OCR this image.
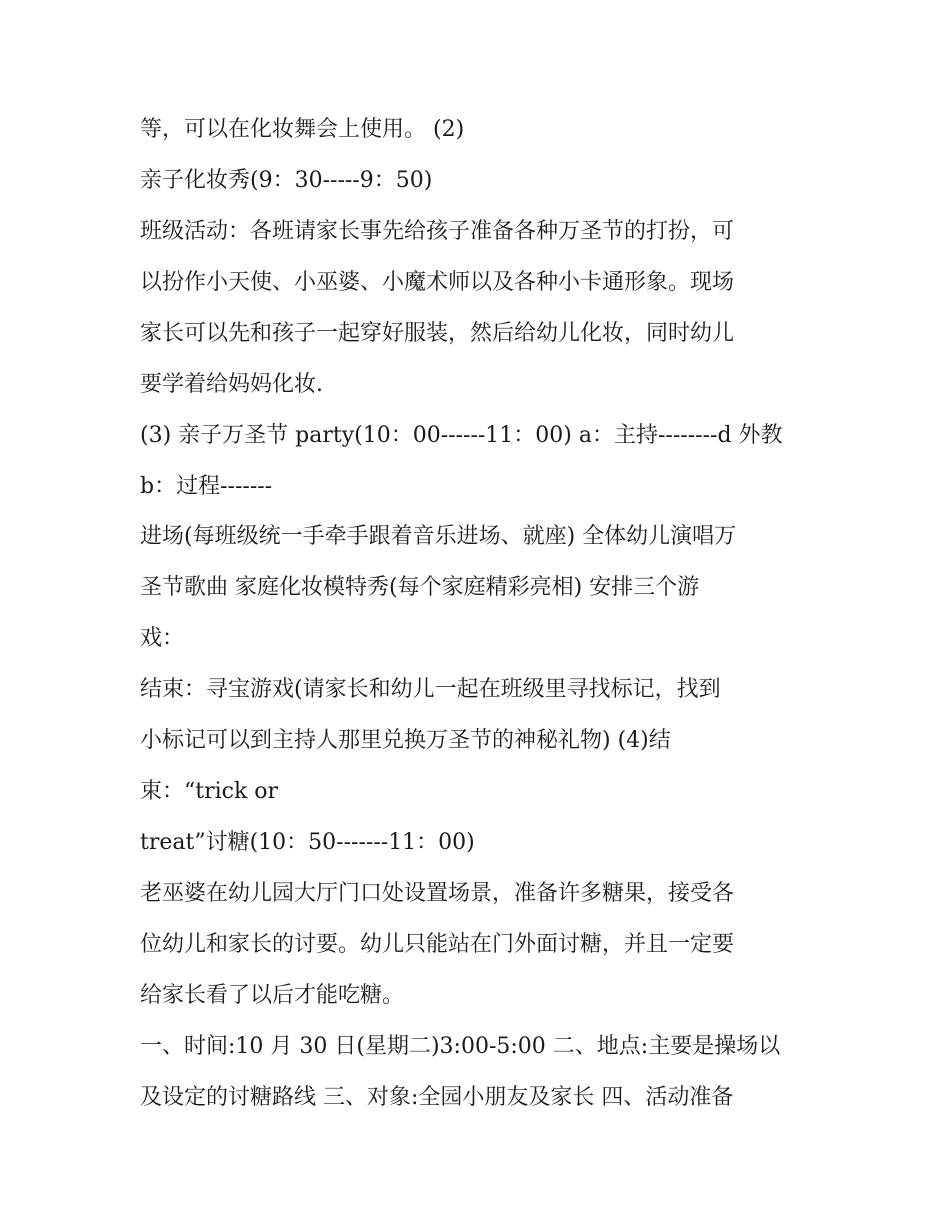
等，可以在化妆舞会上使用。 (2)
亲子化妆秀(9：30-----9：50)
班级活动：各班请家长事先给孩子准备各种万圣节的打扮，可
以扮作小天使、小巫婆、小魔术师以及各种小卡通形象。现场
家长可以先和孩子一起穿好服装，然后给幼儿化妆，同时幼儿
要学着给妈妈化妆.
(3) 亲子万圣节 party(10：00------11：00) a：主持--------d 外教
b：过程-------
进场(每班级统一手牵手跟着音乐进场、就座) 全体幼儿演唱万
圣节歌曲 家庭化妆模特秀(每个家庭精彩亮相) 安排三个游
戏：
结束：寻宝游戏(请家长和幼儿一起在班级里寻找标记，找到
小标记可以到主持人那里兑换万圣节的神秘礼物) (4)结
束：“trick or
treat”讨糖(10：50-------11：00)
老巫婆在幼儿园大厅门口处设置场景，准备许多糖果，接受各
位幼儿和家长的讨要。幼儿只能站在门外面讨糖，并且一定要
给家长看了以后才能吃糖。
一、时间:10 月 30 日(星期二)3:00-5:00 二、地点:主要是操场以
及设定的讨糖路线 三、对象:全园小朋友及家长 四、活动准备
